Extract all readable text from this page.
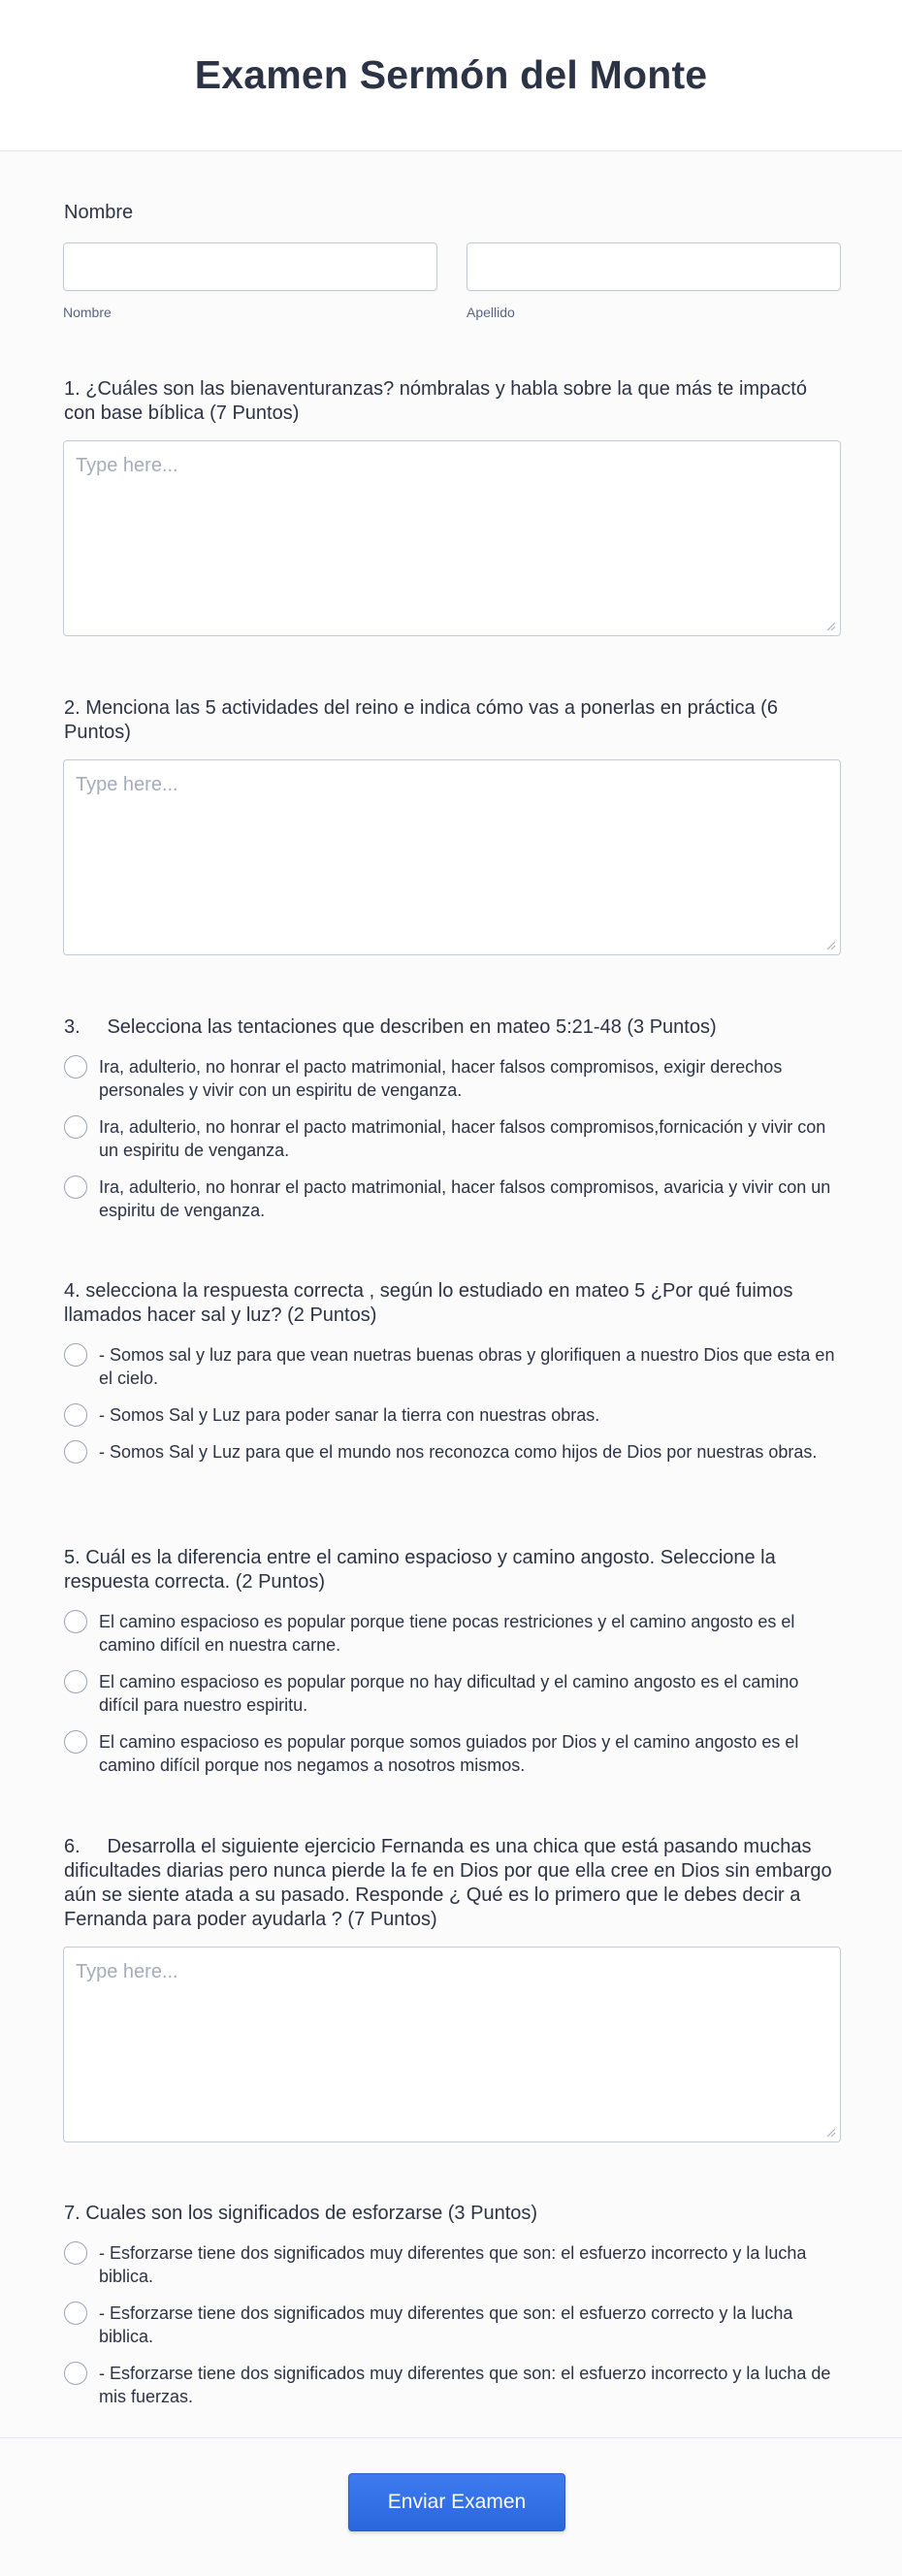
Examen Sermón del Monte
Nombre
Nombre	Apellido
1. ¿Cuáles son las bienaventuranzas? nómbralas y habla sobre la que más te impactó con base bíblica (7 Puntos)
Type here...
2. Menciona las 5 actividades del reino e indica cómo vas a ponerlas en práctica (6 Puntos)
Type here...
3.     Selecciona las tentaciones que describen en mateo 5:21-48 (3 Puntos)
Ira, adulterio, no honrar el pacto matrimonial, hacer falsos compromisos, exigir derechos personales y vivir con un espiritu de venganza.
Ira, adulterio, no honrar el pacto matrimonial, hacer falsos compromisos,fornicación y vivir con un espiritu de venganza.
Ira, adulterio, no honrar el pacto matrimonial, hacer falsos compromisos, avaricia y vivir con un espiritu de venganza.
4. selecciona la respuesta correcta , según lo estudiado en mateo 5 ¿Por qué fuimos llamados hacer sal y luz? (2 Puntos)
- Somos sal y luz para que vean nuetras buenas obras y glorifiquen a nuestro Dios que esta en el cielo.
- Somos Sal y Luz para poder sanar la tierra con nuestras obras.
- Somos Sal y Luz para que el mundo nos reconozca como hijos de Dios por nuestras obras.
5. Cuál es la diferencia entre el camino espacioso y camino angosto. Seleccione la respuesta correcta. (2 Puntos)
El camino espacioso es popular porque tiene pocas restriciones y el camino angosto es el camino difícil en nuestra carne.
El camino espacioso es popular porque no hay dificultad y el camino angosto es el camino difícil para nuestro espiritu.
El camino espacioso es popular porque somos guiados por Dios y el camino angosto es el camino difícil porque nos negamos a nosotros mismos.
6.     Desarrolla el siguiente ejercicio Fernanda es una chica que está pasando muchas dificultades diarias pero nunca pierde la fe en Dios por que ella cree en Dios sin embargo aún se siente atada a su pasado. Responde ¿ Qué es lo primero que le debes decir a Fernanda para poder ayudarla ? (7 Puntos)
Type here...
7. Cuales son los significados de esforzarse (3 Puntos)
- Esforzarse tiene dos significados muy diferentes que son: el esfuerzo incorrecto y la lucha biblica.
- Esforzarse tiene dos significados muy diferentes que son: el esfuerzo correcto y la lucha biblica.
- Esforzarse tiene dos significados muy diferentes que son: el esfuerzo incorrecto y la lucha de mis fuerzas.
Enviar Examen
